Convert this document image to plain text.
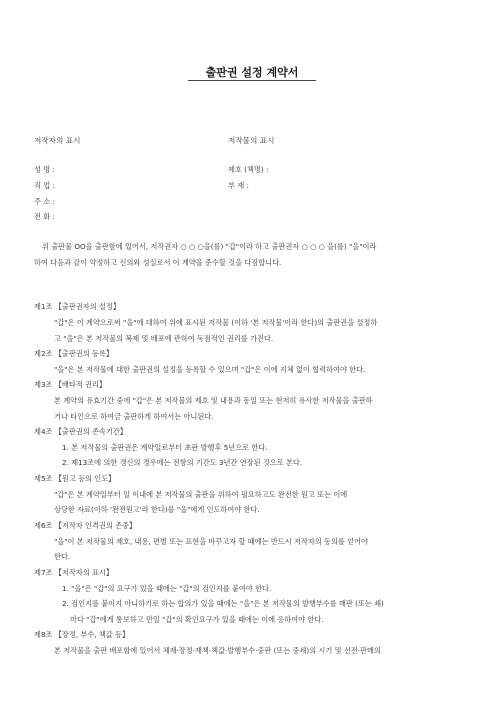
출판권 설정 계약서
저작자의 표시	저작물의 표시
성 명 :
직 업 :
주 소 :
전 화 :
제호 (책명) :
부 재 :
위 출판물 OO을 출판함에 있어서, 저작권자 ○ ○ ○을(를) "갑"이라 하고 출판권자 ○ ○ ○ 을(를) "을"이라
하여 다음과 같이 약정하고 신의와 성실로서 이 계약을 준수할 것을 다짐합니다.
제1조 【출판권자의 설정】
"갑"은 이 계약으로써 "을"에 대하여 위에 표시된 저작물 (이하 '본 저작물'이라 한다)의 출판권을 설정하
고 "을"은 본 저작물의 복제 및 배포에 관하여 독점적인 권리를 가진다.
제2조 【출판권의 등록】
"을"은 본 저작물에 대한 출판권의 설정을 등록할 수 있으며 "갑"은 이에 지체 없이 협력하여야 한다.
제3조 【배타적 권리】
본 계약의 유효기간 중에 "갑"은 본 저작물의 제호 및 내용과 동일 또는 현저히 유사한 저작물을 출판하
거나 타인으로 하여금 출판하게 하여서는 아니된다.
제4조 【출판권의 존속기간】
1. 본 저작물의 출판권은 계약일로부터 초판 발행후 5년으로 한다.
2. 제13조에 의한 갱신의 경우에는 전항의 기간도 3년간 연장된 것으로 본다.
제5조 【원고 등의 인도】
"갑"은 본 계약일부터 일 이내에 본 저작물의 출판을 위하여 필요하고도 완전한 원고 또는 이에
상당한 자료(이하 '완전원고'라 한다)를 "을"에게 인도하여야 한다.
제6조 【저작자 인격권의 존중】
"을"이 본 저작물의 제호, 내용, 편별 또는 표현을 바꾸고자 할 때에는 반드시 저작자의 동의를 얻어야
한다.
제7조 【저작자의 표시】
1. "을"은 "갑"의 요구가 있을 때에는 "갑"의 검인지를 붙여야 한다.
2. 검인지를 붙이지 아니하기로 하는 합의가 있을 때에는 "을"은 본 저작물의 발행부수를 매판 (또는 쇄)
마다 "갑"에게 통보하고 만일 "갑"의 확인요구가 있을 때에는 이에 응하여야 한다.
제8조 【장정, 부수, 책값 등】
본 저작물을 출판 배포함에 있어서 체재·장정·재책·책값·발행부수·중판 (또는 중쇄)의 시기 및 선전·판매의
